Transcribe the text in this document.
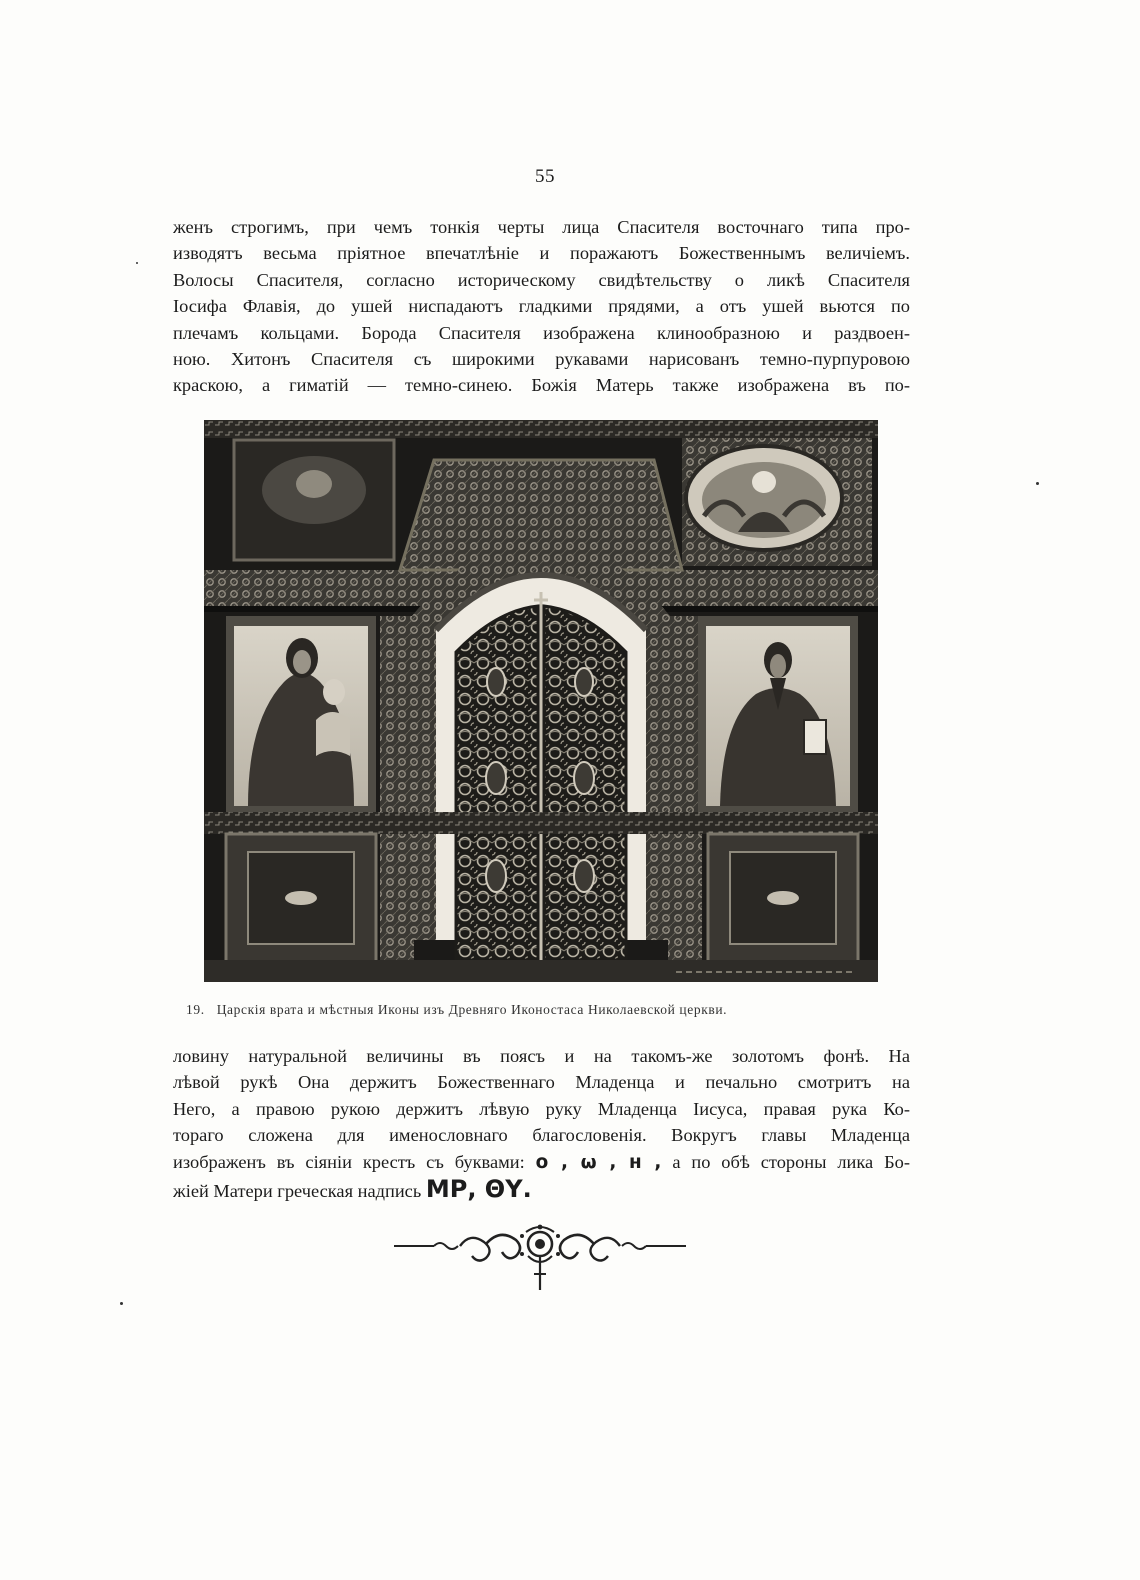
55
женъ строгимъ, при чемъ тонкія черты лица Спасителя восточнаго типа про-
изводятъ весьма пріятное впечатлѣніе и поражаютъ Божественнымъ величіемъ.
Волосы Спасителя, согласно историческому свидѣтельству о ликѣ Спасителя
Іосифа Флавія, до ушей ниспадаютъ гладкими прядями, а отъ ушей вьются по
плечамъ кольцами. Борода Спасителя изображена клинообразною и раздвоен-
ною. Хитонъ Спасителя съ широкими рукавами нарисованъ темно-пурпуровою
краскою, а гиматій — темно-синею. Божія Матерь также изображена въ по-
19. Царскія врата и мѣстныя Иконы изъ Древняго Иконостаса Николаевской церкви.
ловину натуральной величины въ поясъ и на такомъ-же золотомъ фонѣ. На
лѣвой рукѣ Она держитъ Божественнаго Младенца и печально смотритъ на
Него, а правою рукою держитъ лѣвую руку Младенца Іисуса, правая рука Ко-
тораго сложена для именословнаго благословенія. Вокругъ главы Младенца
изображенъ въ сіяніи крестъ съ буквами: о , ω , н , а по обѣ стороны лика Бо-
жіей Матери греческая надпись МР, ΘΥ.
